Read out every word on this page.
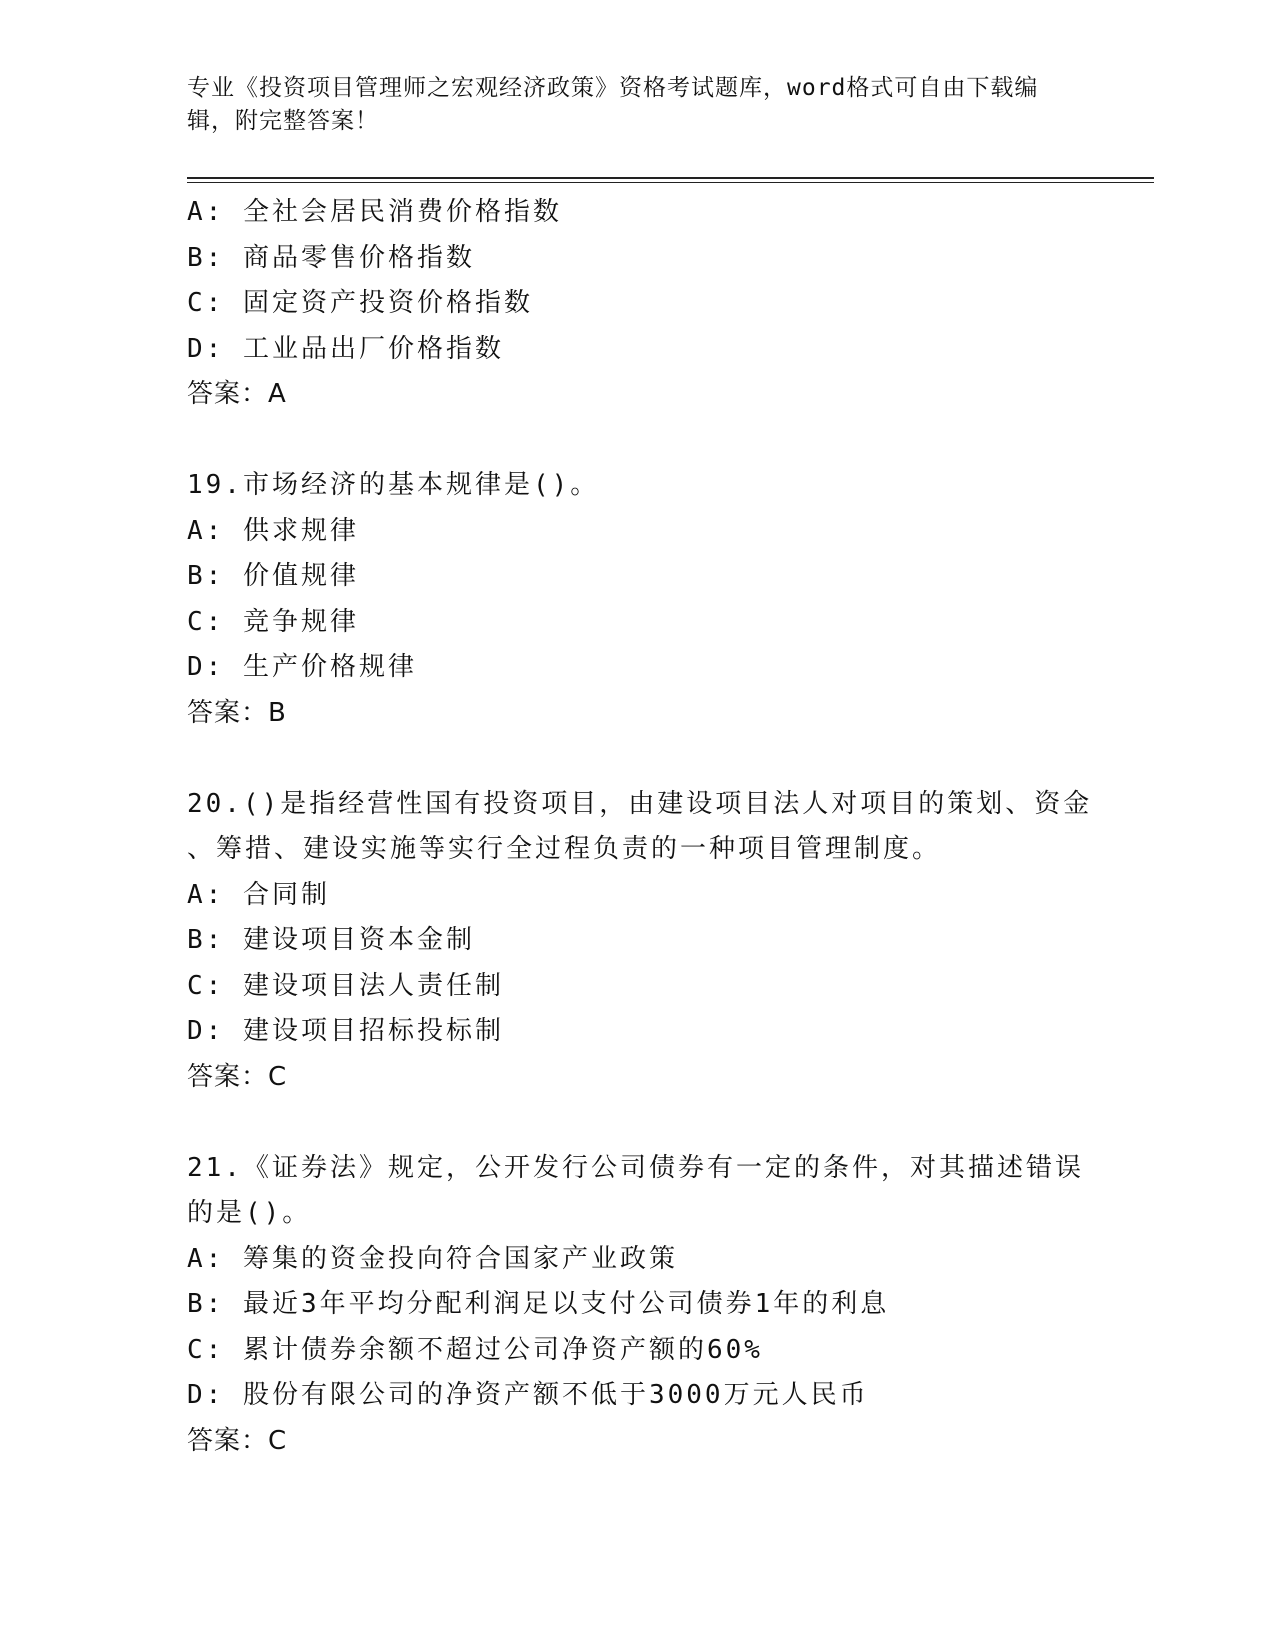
专业《投资项目管理师之宏观经济政策》资格考试题库，word格式可自由下载编
辑，附完整答案！
A: 全社会居民消费价格指数
B: 商品零售价格指数
C: 固定资产投资价格指数
D: 工业品出厂价格指数
答案：A
19.市场经济的基本规律是()。
A: 供求规律
B: 价值规律
C: 竞争规律
D: 生产价格规律
答案：B
20.()是指经营性国有投资项目，由建设项目法人对项目的策划、资金
、筹措、建设实施等实行全过程负责的一种项目管理制度。
A: 合同制
B: 建设项目资本金制
C: 建设项目法人责任制
D: 建设项目招标投标制
答案：C
21.《证券法》规定，公开发行公司债券有一定的条件，对其描述错误
的是()。
A: 筹集的资金投向符合国家产业政策
B: 最近3年平均分配利润足以支付公司债券1年的利息
C: 累计债券余额不超过公司净资产额的60%
D: 股份有限公司的净资产额不低于3000万元人民币
答案：C
